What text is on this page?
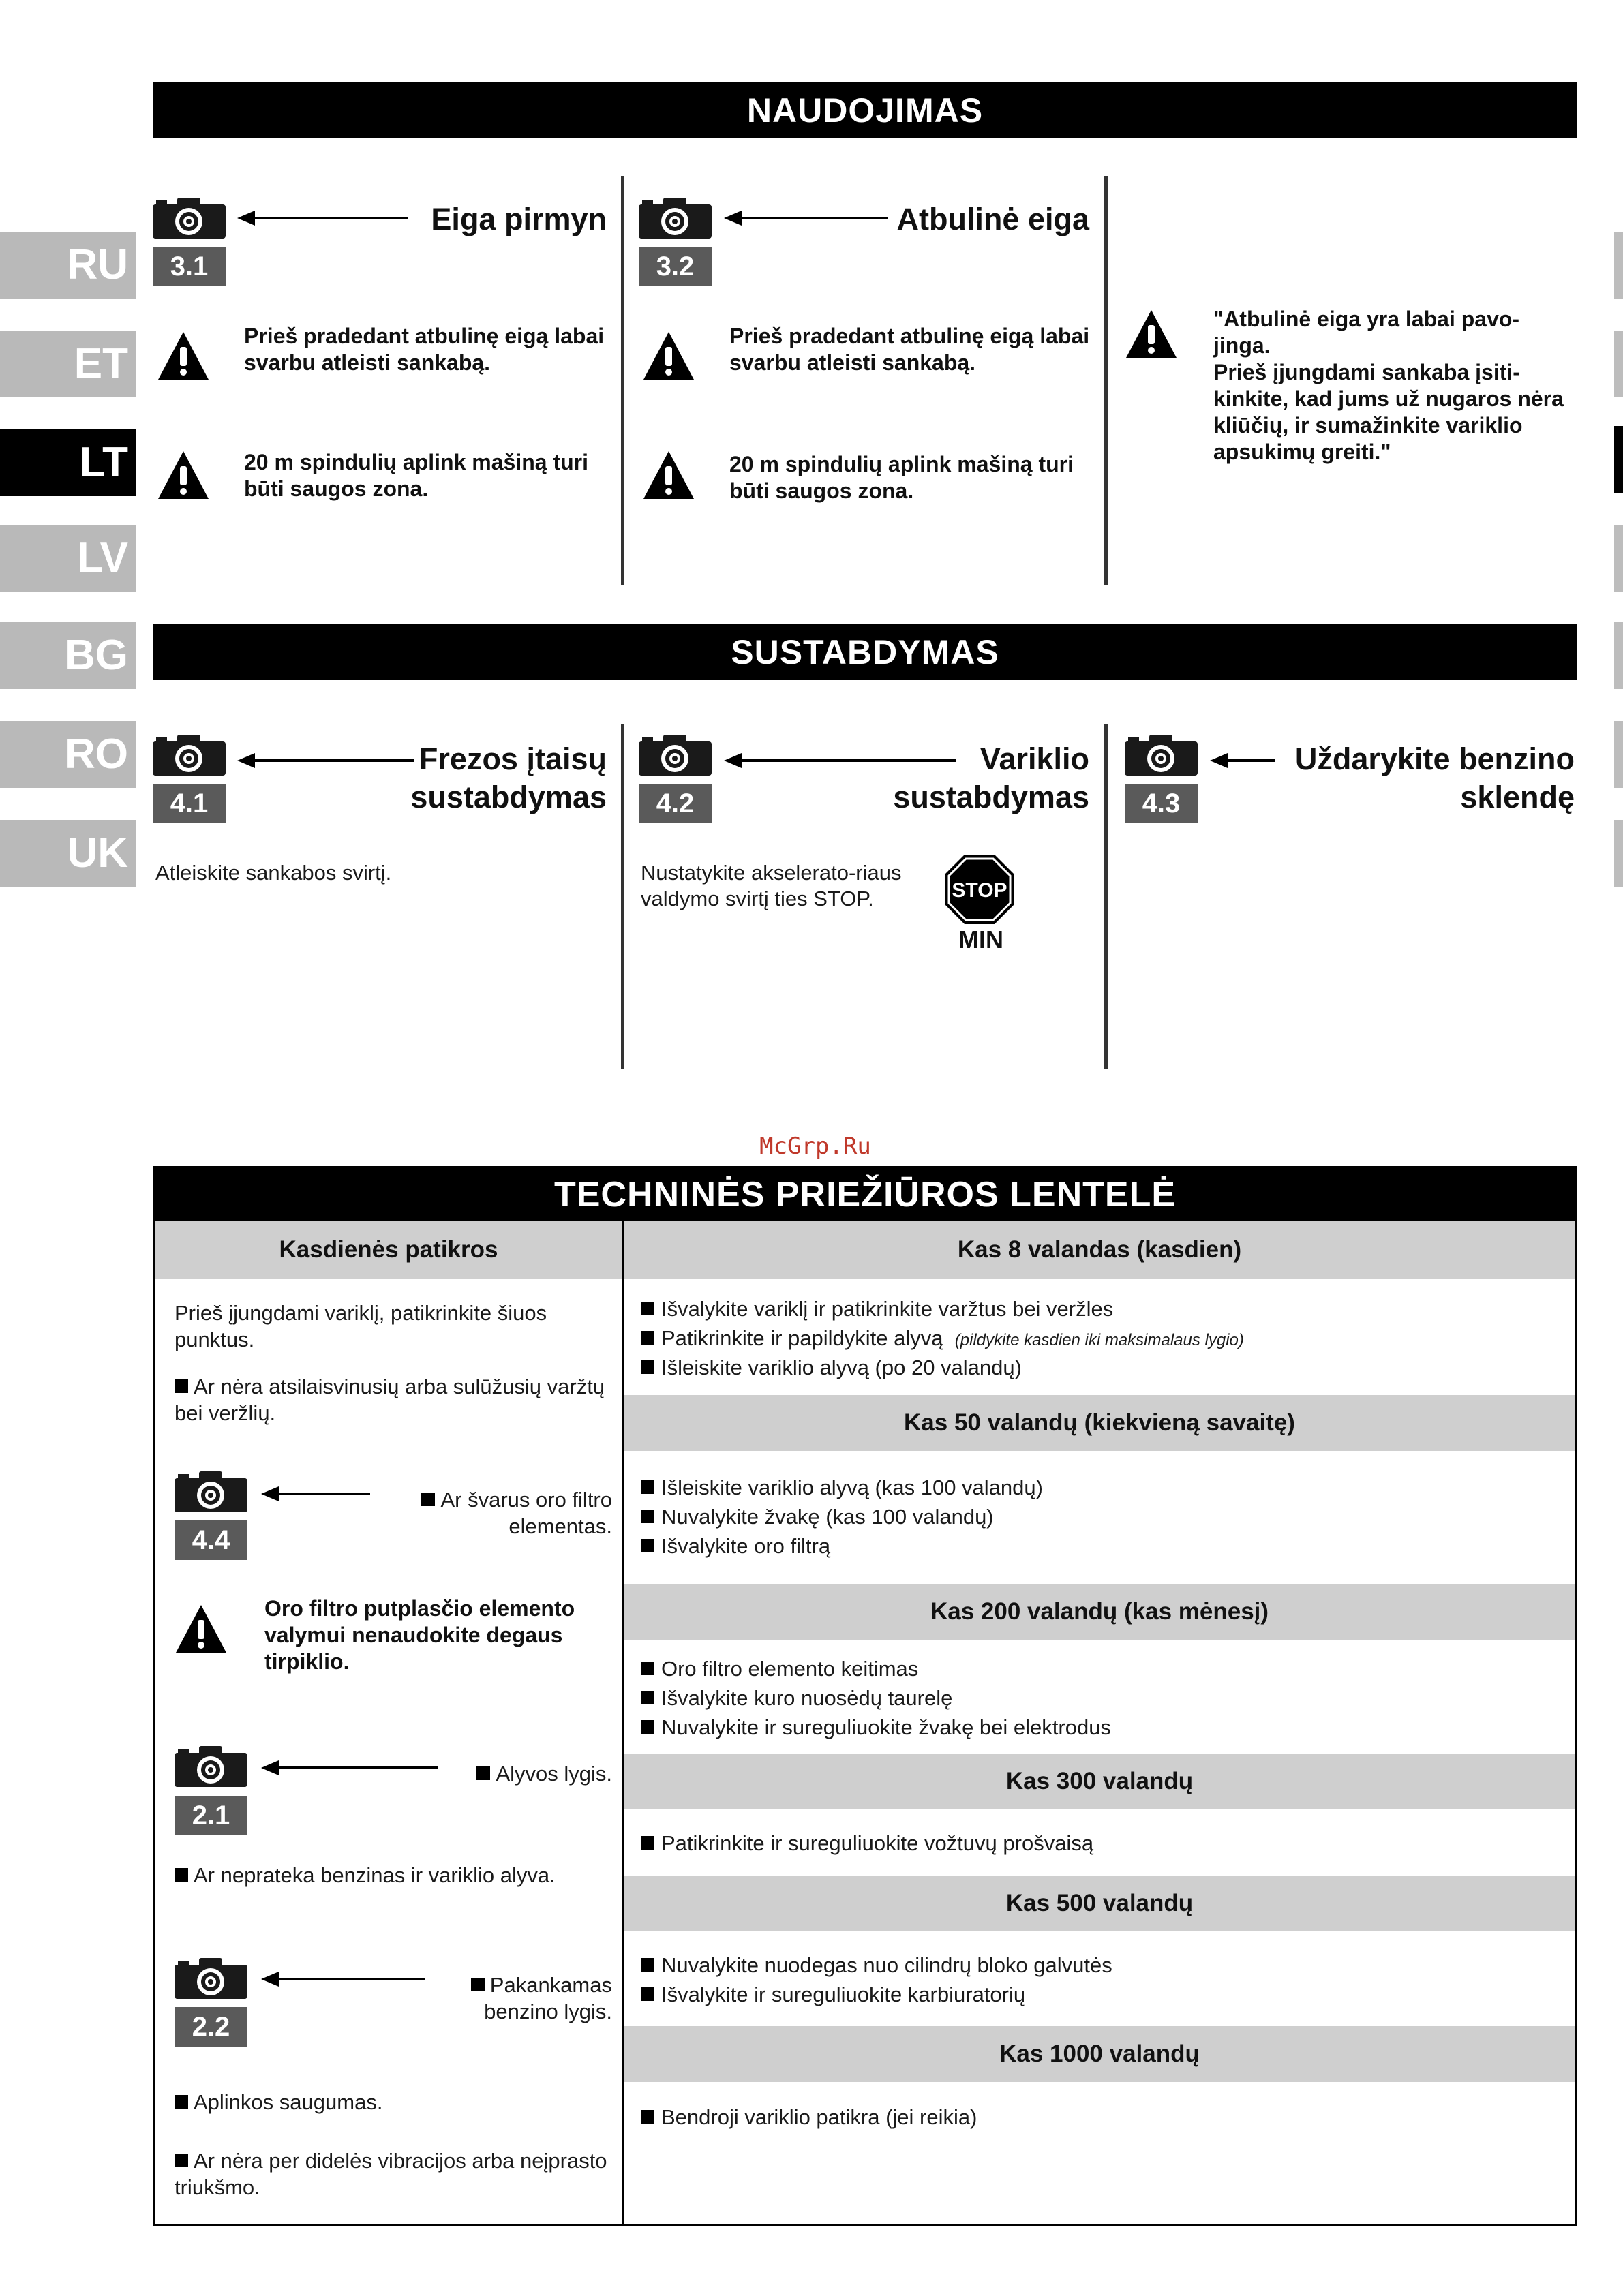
RU
ET
LT
LV
BG
RO
UK
NAUDOJIMAS
3.1
Eiga pirmyn
Prieš pradedant atbulinę eigą labai svarbu atleisti sankabą.
20 m spindulių aplink mašiną turi būti saugos zona.
3.2
Atbulinė eiga
Prieš pradedant atbulinę eigą labai svarbu atleisti sankabą.
20 m spindulių aplink mašiną turi būti saugos zona.
"Atbulinė eiga yra labai pavo-jinga.
Prieš įjungdami sankaba įsiti-kinkite, kad jums už nugaros nėra kliūčių, ir sumažinkite variklio apsukimų greiti."
SUSTABDYMAS
4.1
Frezos įtaisų
sustabdymas
Atleiskite sankabos svirtį.
4.2
Variklio
sustabdymas
Nustatykite akselerato-riaus valdymo svirtį ties STOP.	STOP
MIN
4.3
Uždarykite benzino
sklendę
McGrp.Ru
TECHNINĖS PRIEŽIŪROS LENTELĖ
Kasdienės patikros
Prieš įjungdami variklį, patikrinkite šiuos punktus.
Ar nėra atsilaisvinusių arba sulūžusių varžtų bei veržlių.
4.4
Ar švarus oro filtro
elementas.
Oro filtro putplasčio elemento valymui nenaudokite degaus tirpiklio.
2.1
Alyvos lygis.
Ar neprateka benzinas ir variklio alyva.
2.2
Pakankamas
benzino lygis.
Aplinkos saugumas.
Ar nėra per didelės vibracijos arba neįprasto triukšmo.
Kas 8 valandas (kasdien)
Išvalykite variklį ir patikrinkite varžtus bei veržles
Patikrinkite ir papildykite alyvą (pildykite kasdien iki maksimalaus lygio)
Išleiskite variklio alyvą (po 20 valandų)
Kas 50 valandų (kiekvieną savaitę)
Išleiskite variklio alyvą (kas 100 valandų)
Nuvalykite žvakę (kas 100 valandų)
Išvalykite oro filtrą
Kas 200 valandų (kas mėnesį)
Oro filtro elemento keitimas
Išvalykite kuro nuosėdų taurelę
Nuvalykite ir sureguliuokite žvakę bei elektrodus
Kas 300 valandų
Patikrinkite ir sureguliuokite vožtuvų prošvaisą
Kas 500 valandų
Nuvalykite nuodegas nuo cilindrų bloko galvutės
Išvalykite ir sureguliuokite karbiuratorių
Kas 1000 valandų
Bendroji variklio patikra (jei reikia)
